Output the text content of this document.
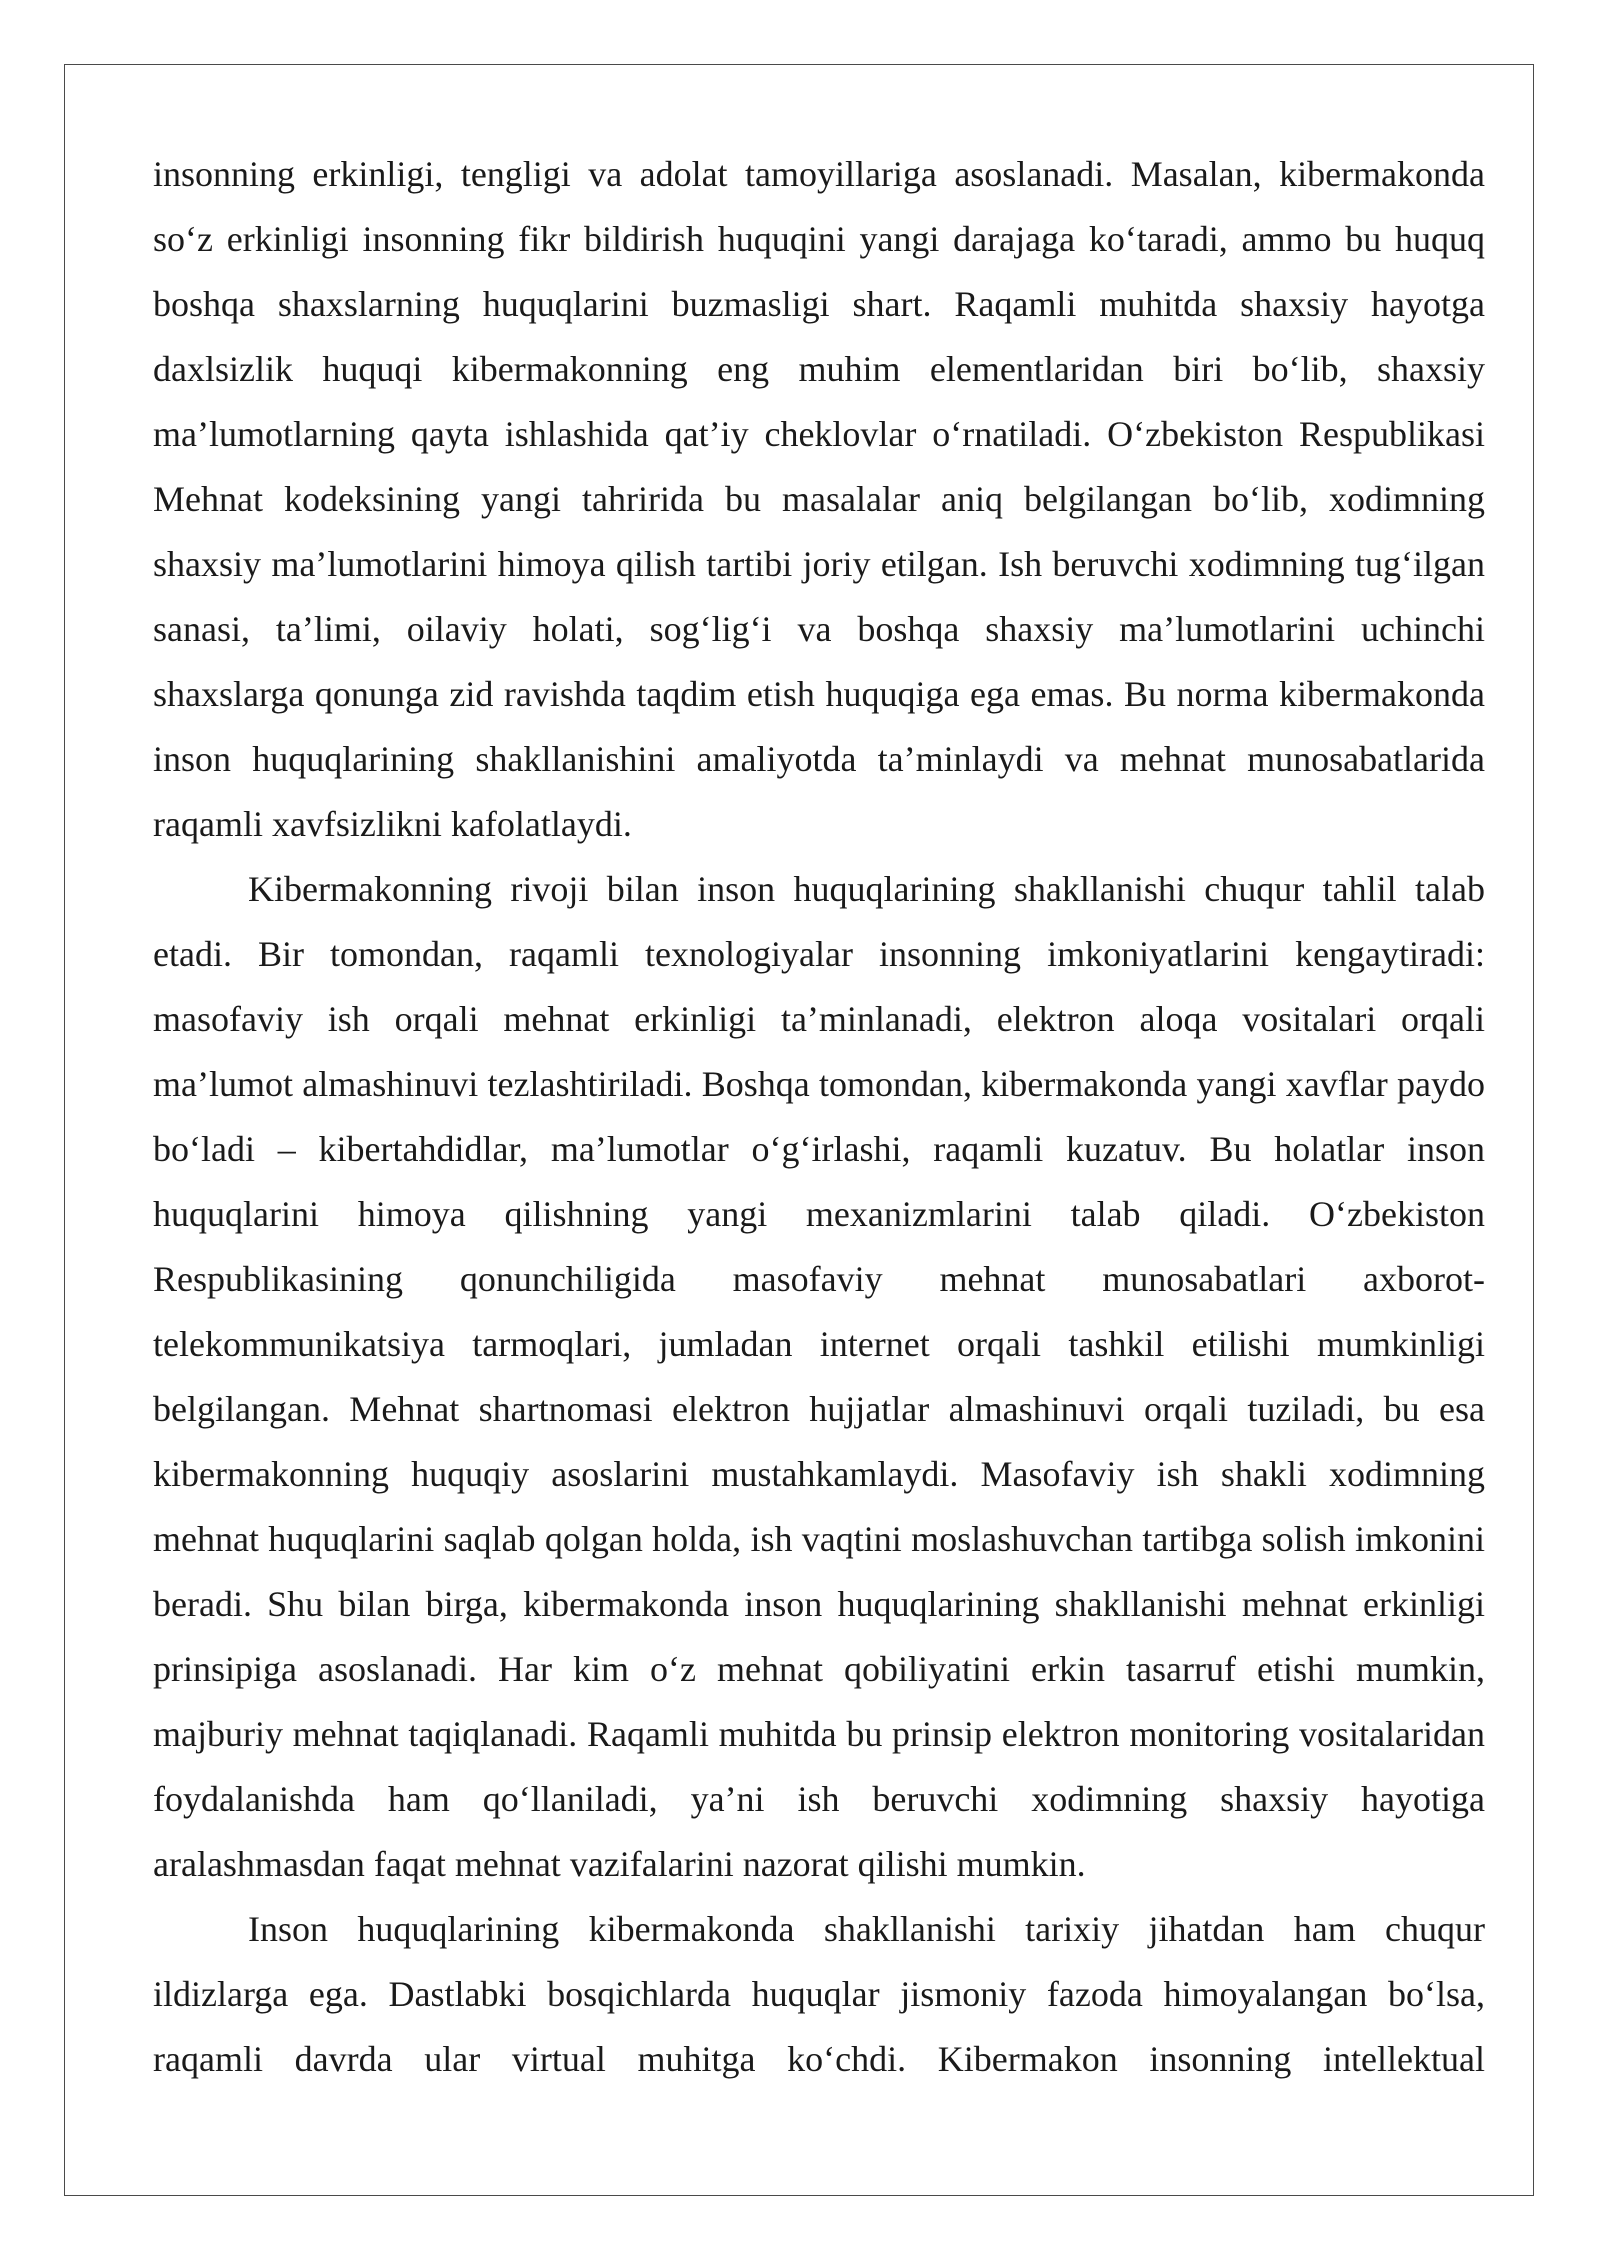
insonning erkinligi, tengligi va adolat tamoyillariga asoslanadi. Masalan, kibermakonda so‘z erkinligi insonning fikr bildirish huquqini yangi darajaga ko‘taradi, ammo bu huquq boshqa shaxslarning huquqlarini buzmasligi shart. Raqamli muhitda shaxsiy hayotga daxlsizlik huquqi kibermakonning eng muhim elementlaridan biri bo‘lib, shaxsiy ma’lumotlarning qayta ishlashida qat’iy cheklovlar o‘rnatiladi. O‘zbekiston Respublikasi Mehnat kodeksining yangi tahririda bu masalalar aniq belgilangan bo‘lib, xodimning shaxsiy ma’lumotlarini himoya qilish tartibi joriy etilgan. Ish beruvchi xodimning tug‘ilgan sanasi, ta’limi, oilaviy holati, sog‘lig‘i va boshqa shaxsiy ma’lumotlarini uchinchi shaxslarga qonunga zid ravishda taqdim etish huquqiga ega emas. Bu norma kibermakonda inson huquqlarining shakllanishini amaliyotda ta’minlaydi va mehnat munosabatlarida raqamli xavfsizlikni kafolatlaydi.

Kibermakonning rivoji bilan inson huquqlarining shakllanishi chuqur tahlil talab etadi. Bir tomondan, raqamli texnologiyalar insonning imkoniyatlarini kengaytiradi: masofaviy ish orqali mehnat erkinligi ta’minlanadi, elektron aloqa vositalari orqali ma’lumot almashinuvi tezlashtiriladi. Boshqa tomondan, kibermakonda yangi xavflar paydo bo‘ladi – kibertahdidlar, ma’lumotlar o‘g‘irlashi, raqamli kuzatuv. Bu holatlar inson huquqlarini himoya qilishning yangi mexanizmlarini talab qiladi. O‘zbekiston Respublikasining qonunchiligida masofaviy mehnat munosabatlari axborot-telekommunikatsiya tarmoqlari, jumladan internet orqali tashkil etilishi mumkinligi belgilangan. Mehnat shartnomasi elektron hujjatlar almashinuvi orqali tuziladi, bu esa kibermakonning huquqiy asoslarini mustahkamlaydi. Masofaviy ish shakli xodimning mehnat huquqlarini saqlab qolgan holda, ish vaqtini moslashuvchan tartibga solish imkonini beradi. Shu bilan birga, kibermakonda inson huquqlarining shakllanishi mehnat erkinligi prinsipiga asoslanadi. Har kim o‘z mehnat qobiliyatini erkin tasarruf etishi mumkin, majburiy mehnat taqiqlanadi. Raqamli muhitda bu prinsip elektron monitoring vositalaridan foydalanishda ham qo‘llaniladi, ya’ni ish beruvchi xodimning shaxsiy hayotiga aralashmasdan faqat mehnat vazifalarini nazorat qilishi mumkin.

Inson huquqlarining kibermakonda shakllanishi tarixiy jihatdan ham chuqur ildizlarga ega. Dastlabki bosqichlarda huquqlar jismoniy fazoda himoyalangan bo‘lsa, raqamli davrda ular virtual muhitga ko‘chdi. Kibermakon insonning intellektual
